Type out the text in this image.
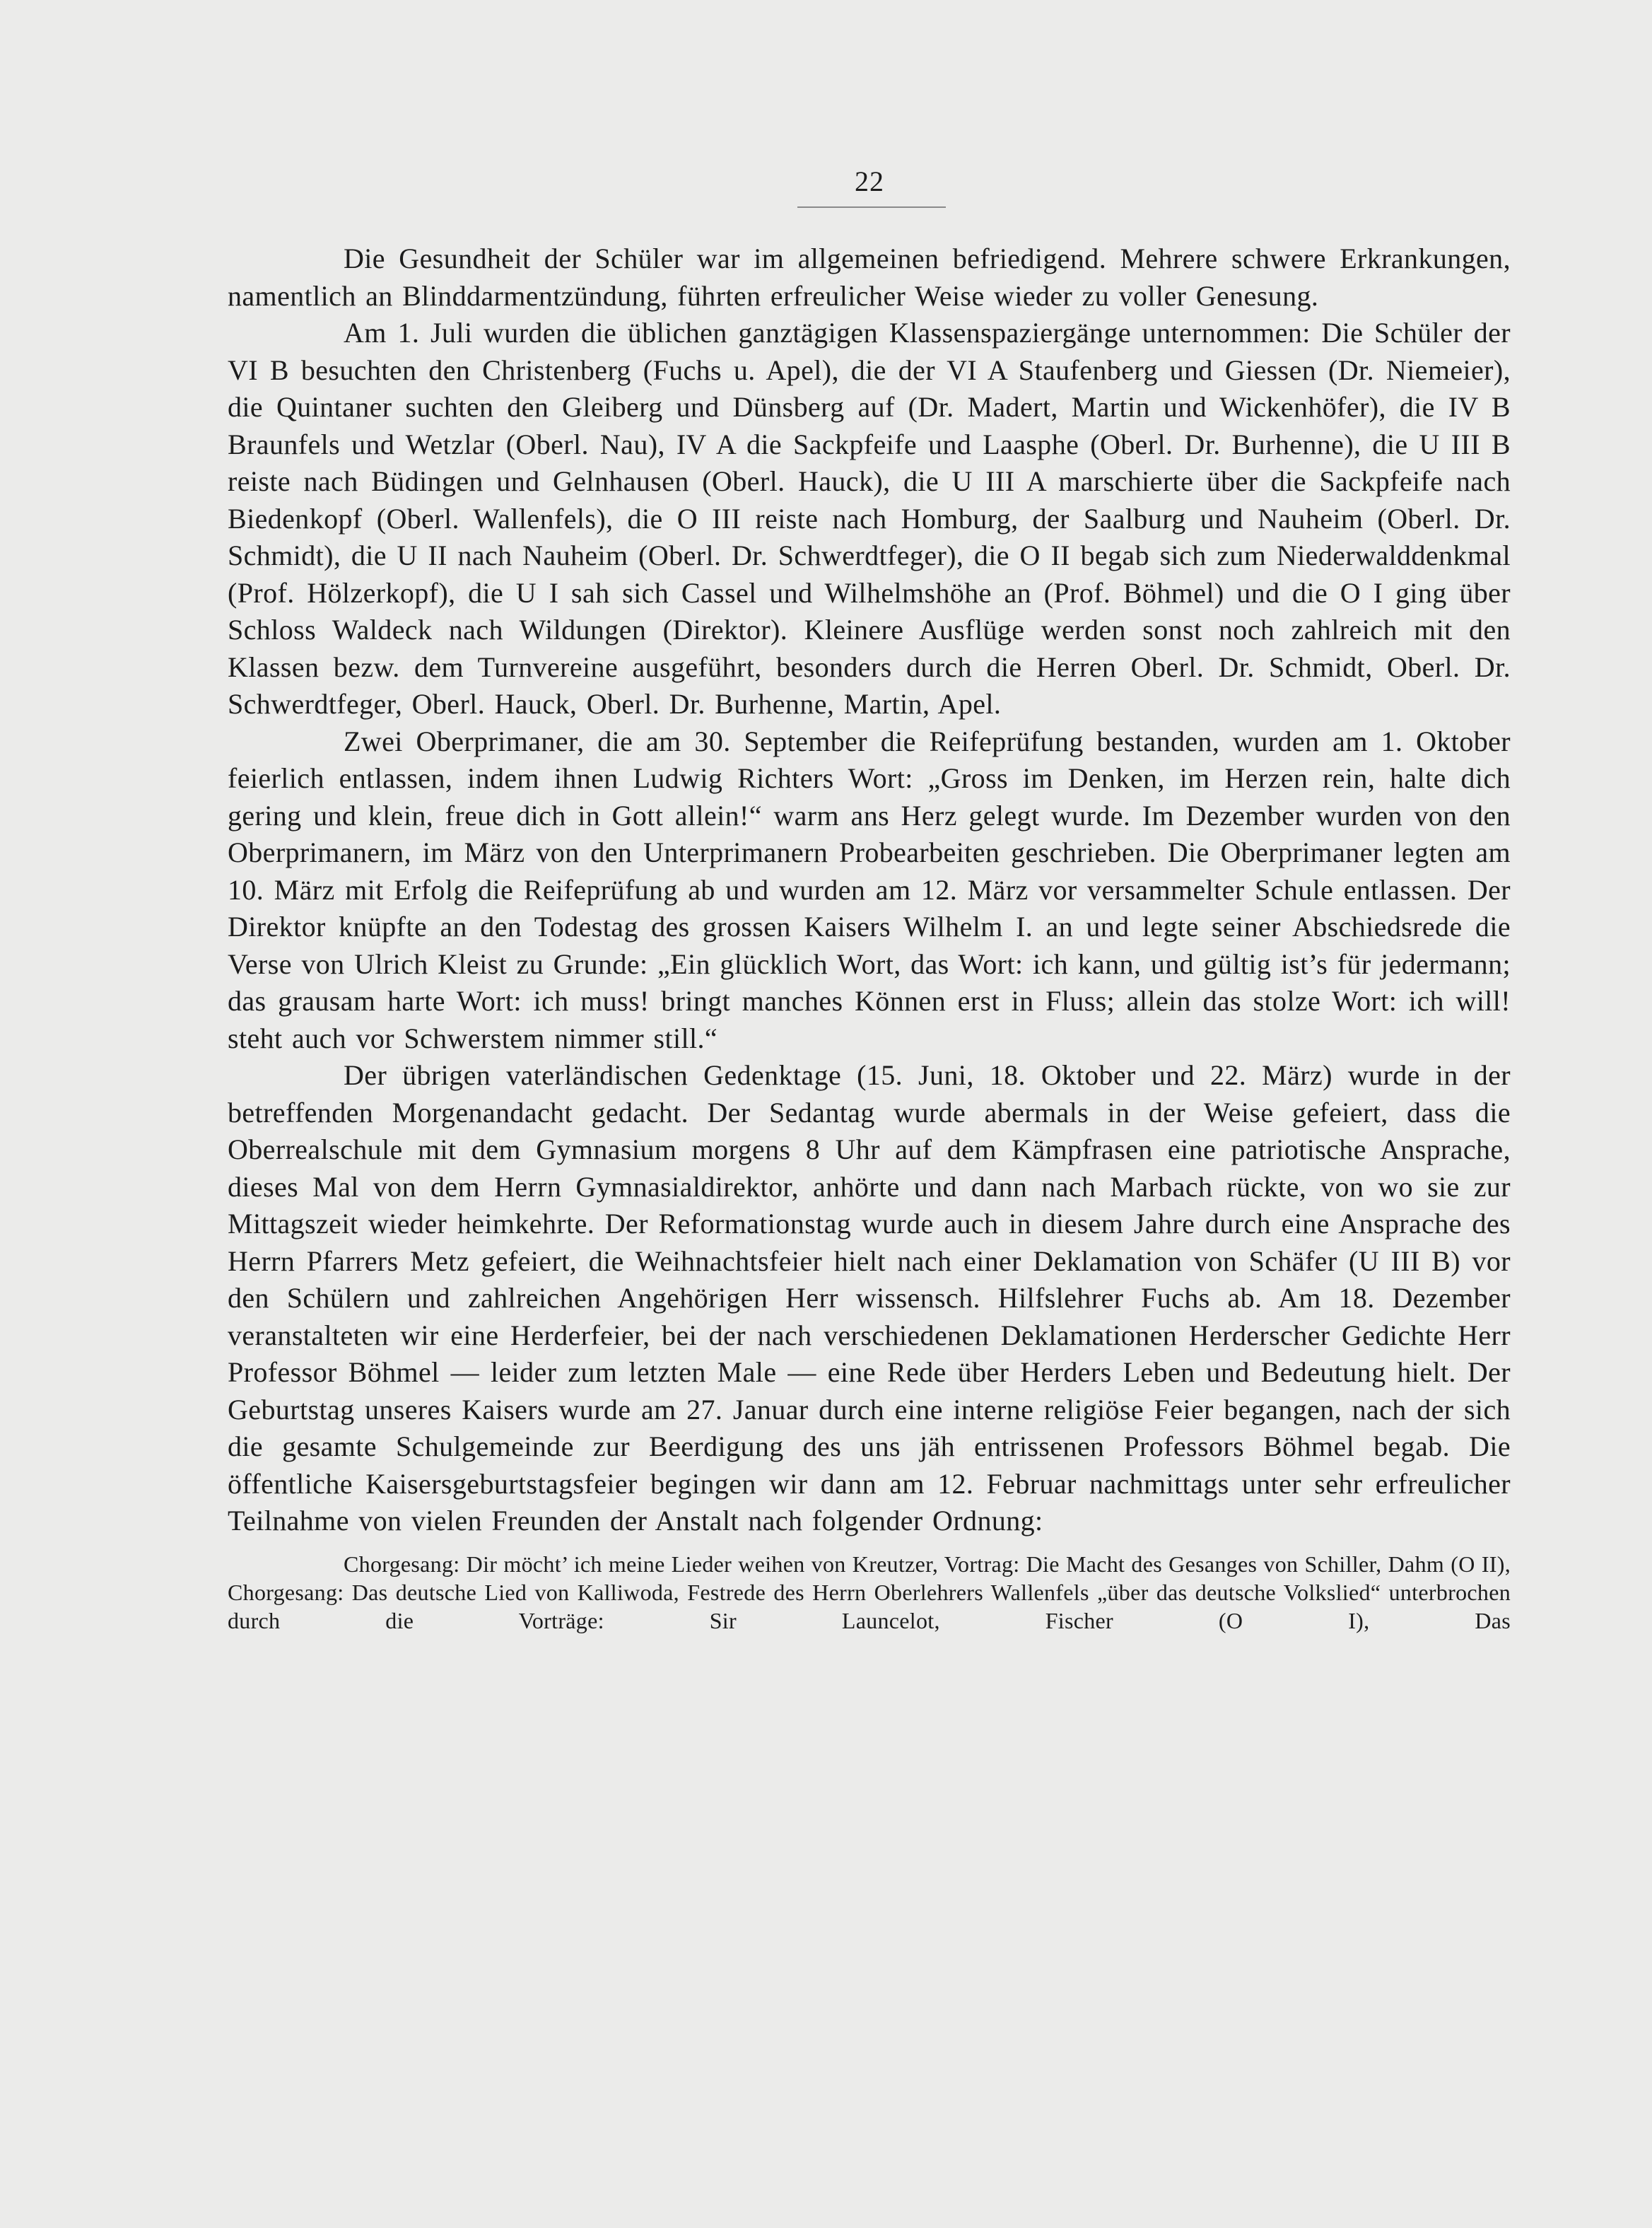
22

Die Gesundheit der Schüler war im allgemeinen befriedigend. Mehrere schwere Erkrankungen, namentlich an Blinddarmentzündung, führten erfreulicher Weise wieder zu voller Genesung.

Am 1. Juli wurden die üblichen ganztägigen Klassenspaziergänge unternommen: Die Schüler der VI B besuchten den Christenberg (Fuchs u. Apel), die der VI A Staufenberg und Giessen (Dr. Niemeier), die Quintaner suchten den Gleiberg und Dünsberg auf (Dr. Madert, Martin und Wickenhöfer), die IV B Braunfels und Wetzlar (Oberl. Nau), IV A die Sackpfeife und Laasphe (Oberl. Dr. Burhenne), die U III B reiste nach Büdingen und Gelnhausen (Oberl. Hauck), die U III A marschierte über die Sackpfeife nach Biedenkopf (Oberl. Wallenfels), die O III reiste nach Homburg, der Saalburg und Nauheim (Oberl. Dr. Schmidt), die U II nach Nauheim (Oberl. Dr. Schwerdtfeger), die O II begab sich zum Niederwalddenkmal (Prof. Hölzerkopf), die U I sah sich Cassel und Wilhelmshöhe an (Prof. Böhmel) und die O I ging über Schloss Waldeck nach Wildungen (Direktor). Kleinere Ausflüge werden sonst noch zahlreich mit den Klassen bezw. dem Turnvereine ausgeführt, besonders durch die Herren Oberl. Dr. Schmidt, Oberl. Dr. Schwerdtfeger, Oberl. Hauck, Oberl. Dr. Burhenne, Martin, Apel.

Zwei Oberprimaner, die am 30. September die Reifeprüfung bestanden, wurden am 1. Oktober feierlich entlassen, indem ihnen Ludwig Richters Wort: „Gross im Denken, im Herzen rein, halte dich gering und klein, freue dich in Gott allein!“ warm ans Herz gelegt wurde. Im Dezember wurden von den Oberprimanern, im März von den Unterprimanern Probearbeiten geschrieben. Die Oberprimaner legten am 10. März mit Erfolg die Reifeprüfung ab und wurden am 12. März vor versammelter Schule entlassen. Der Direktor knüpfte an den Todestag des grossen Kaisers Wilhelm I. an und legte seiner Abschiedsrede die Verse von Ulrich Kleist zu Grunde: „Ein glücklich Wort, das Wort: ich kann, und gültig ist’s für jedermann; das grausam harte Wort: ich muss! bringt manches Können erst in Fluss; allein das stolze Wort: ich will! steht auch vor Schwerstem nimmer still.“

Der übrigen vaterländischen Gedenktage (15. Juni, 18. Oktober und 22. März) wurde in der betreffenden Morgenandacht gedacht. Der Sedantag wurde abermals in der Weise gefeiert, dass die Oberrealschule mit dem Gymnasium morgens 8 Uhr auf dem Kämpfrasen eine patriotische Ansprache, dieses Mal von dem Herrn Gymnasialdirektor, anhörte und dann nach Marbach rückte, von wo sie zur Mittagszeit wieder heimkehrte. Der Reformationstag wurde auch in diesem Jahre durch eine Ansprache des Herrn Pfarrers Metz gefeiert, die Weihnachtsfeier hielt nach einer Deklamation von Schäfer (U III B) vor den Schülern und zahlreichen Angehörigen Herr wissensch. Hilfslehrer Fuchs ab. Am 18. Dezember veranstalteten wir eine Herderfeier, bei der nach verschiedenen Deklamationen Herderscher Gedichte Herr Professor Böhmel — leider zum letzten Male — eine Rede über Herders Leben und Bedeutung hielt. Der Geburtstag unseres Kaisers wurde am 27. Januar durch eine interne religiöse Feier begangen, nach der sich die gesamte Schulgemeinde zur Beerdigung des uns jäh entrissenen Professors Böhmel begab. Die öffentliche Kaisersgeburtstagsfeier begingen wir dann am 12. Februar nachmittags unter sehr erfreulicher Teilnahme von vielen Freunden der Anstalt nach folgender Ordnung:

Chorgesang: Dir möcht’ ich meine Lieder weihen von Kreutzer, Vortrag: Die Macht des Gesanges von Schiller, Dahm (O II), Chorgesang: Das deutsche Lied von Kalliwoda, Festrede des Herrn Oberlehrers Wallenfels „über das deutsche Volkslied“ unterbrochen durch die Vorträge: Sir Launcelot, Fischer (O I), Das
